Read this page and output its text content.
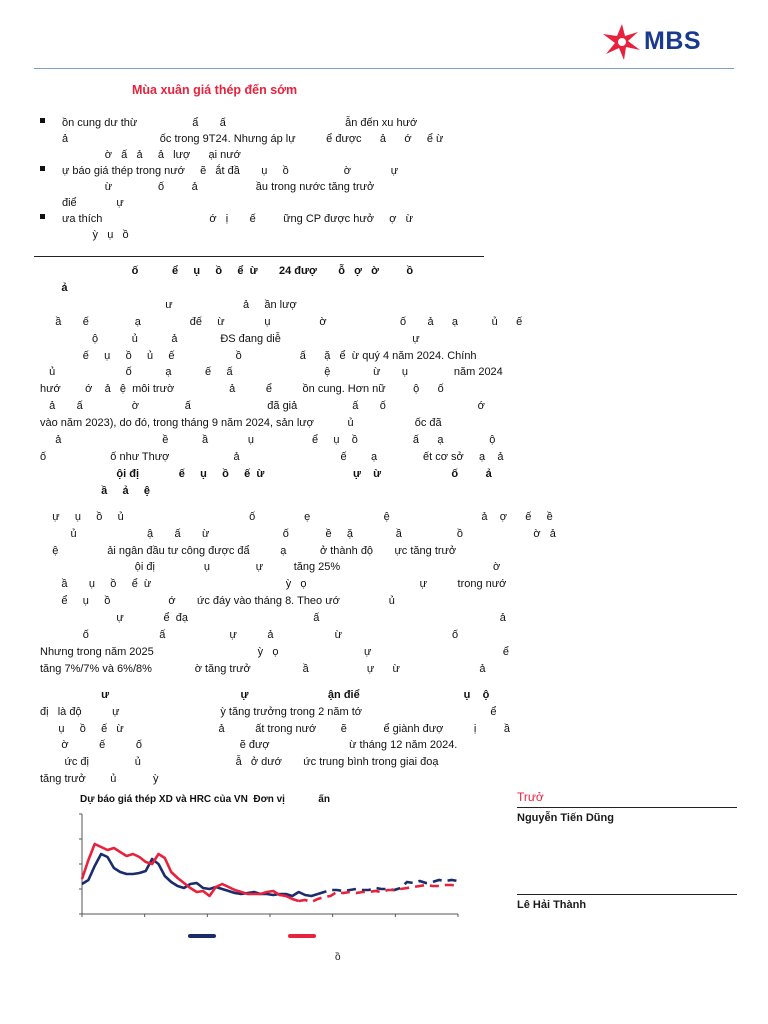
MBS
Mùa xuân giá thép đến sớm
ồn cung dư thừ                  ẩ       ấ                                       ẫn đến xu hướ
ả                              ốc trong 9T24. Nhưng áp lự          ể được      ả      ớ     ể ừ
ờ   ấ   ả     ả   lượ      ại nướ
ự báo giá thép trong nướ     ẽ   ắt đầ       ụ     ồ                  ờ             ự
ừ               ố         ả                   ầu trong nước tăng trưở
điể             ự
ưa thích                                   ớ   ị       ế         ững CP được hưở     ợ   ừ
ỳ   ụ   ồ
ố           ể     ụ     ồ     ể  ừ       24 đượ       ỗ   ợ   ờ         ồ
ả
ư                       ả     ần lượ
ầ       ế               ạ                đế     ừ             ụ                ờ                        ố       ả      ạ           ủ      ế
ộ           ủ           ả              ĐS đang diễ                                           ự
ế     ụ     ồ     ủ     ế                    ồ                   ấ      ặ   ể  ừ quý 4 năm 2024. Chính
ủ                       ố           ạ           ế     ấ                              ệ              ừ       ụ               năm 2024
hướ        ớ    ả   ệ  môi trườ                  ả          ể          ồn cung. Hơn nữ         ộ      ố
ả       ấ                ờ               ấ                         đã giả                  ấ       ố                              ớ
vào năm 2023), do đó, trong tháng 9 năm 2024, sản lượ           ủ                    ốc đã
ả                                 ề           ầ             ụ                   ể     ụ    ồ                  ấ      ạ               ộ
ố                     ố như Thượ                     ả                                 ế        ạ               ết cơ sở     ạ    ả
ội đị             ế     ụ     ồ     ế  ừ                             ự    ừ                       ố         ả
ầ     ả     ệ
ự     ụ     ồ     ủ                                         ố                ẹ                        ệ                              ả    ợ      ế     ề
ủ                       ậ       ấ       ừ                        ố            ề     ặ              ầ                  ồ                       ờ   ả
ệ                ải ngân đầu tư công được đẩ          ạ           ở thành độ       ực tăng trưở
ội đị                ụ               ự          tăng 25%                                                  ờ
ầ       ụ     ồ     ể  ừ                                            ỳ   ọ                                     ự          trong nướ
ể     ụ     ồ                   ớ       ức đáy vào tháng 8. Theo ướ                ủ
ự             ể  đạ                                         ấ                                                           ả
ố                       ấ                     ự          ả                    ừ                                    ố
Nhưng trong năm 2025                                  ỳ   ọ                            ự                                           ể
tăng 7%/7% và 6%/8%              ờ tăng trưở                 ầ                   ự      ừ                          ả
ư                                           ự                          ận điể                                  ụ    ộ
đị   là độ          ự                                 ỳ tăng trưởng trong 2 năm tớ                                          ể
ụ     ồ     ế   ừ                               ả          ất trong nướ        ẽ            ể giành đượ          ị         ầ
ờ          ế          ố                                ẽ đượ                          ừ tháng 12 năm 2024.
ức đị               ủ                               ẫ   ở dướ       ức trung bình trong giai đoạ
tăng trưở        ủ            ỳ
Dự báo giá thép XD và HRC của VN  Đơn vị            ấn
ồ
Trưở
Nguyễn Tiến Dũng
Lê Hải Thành
